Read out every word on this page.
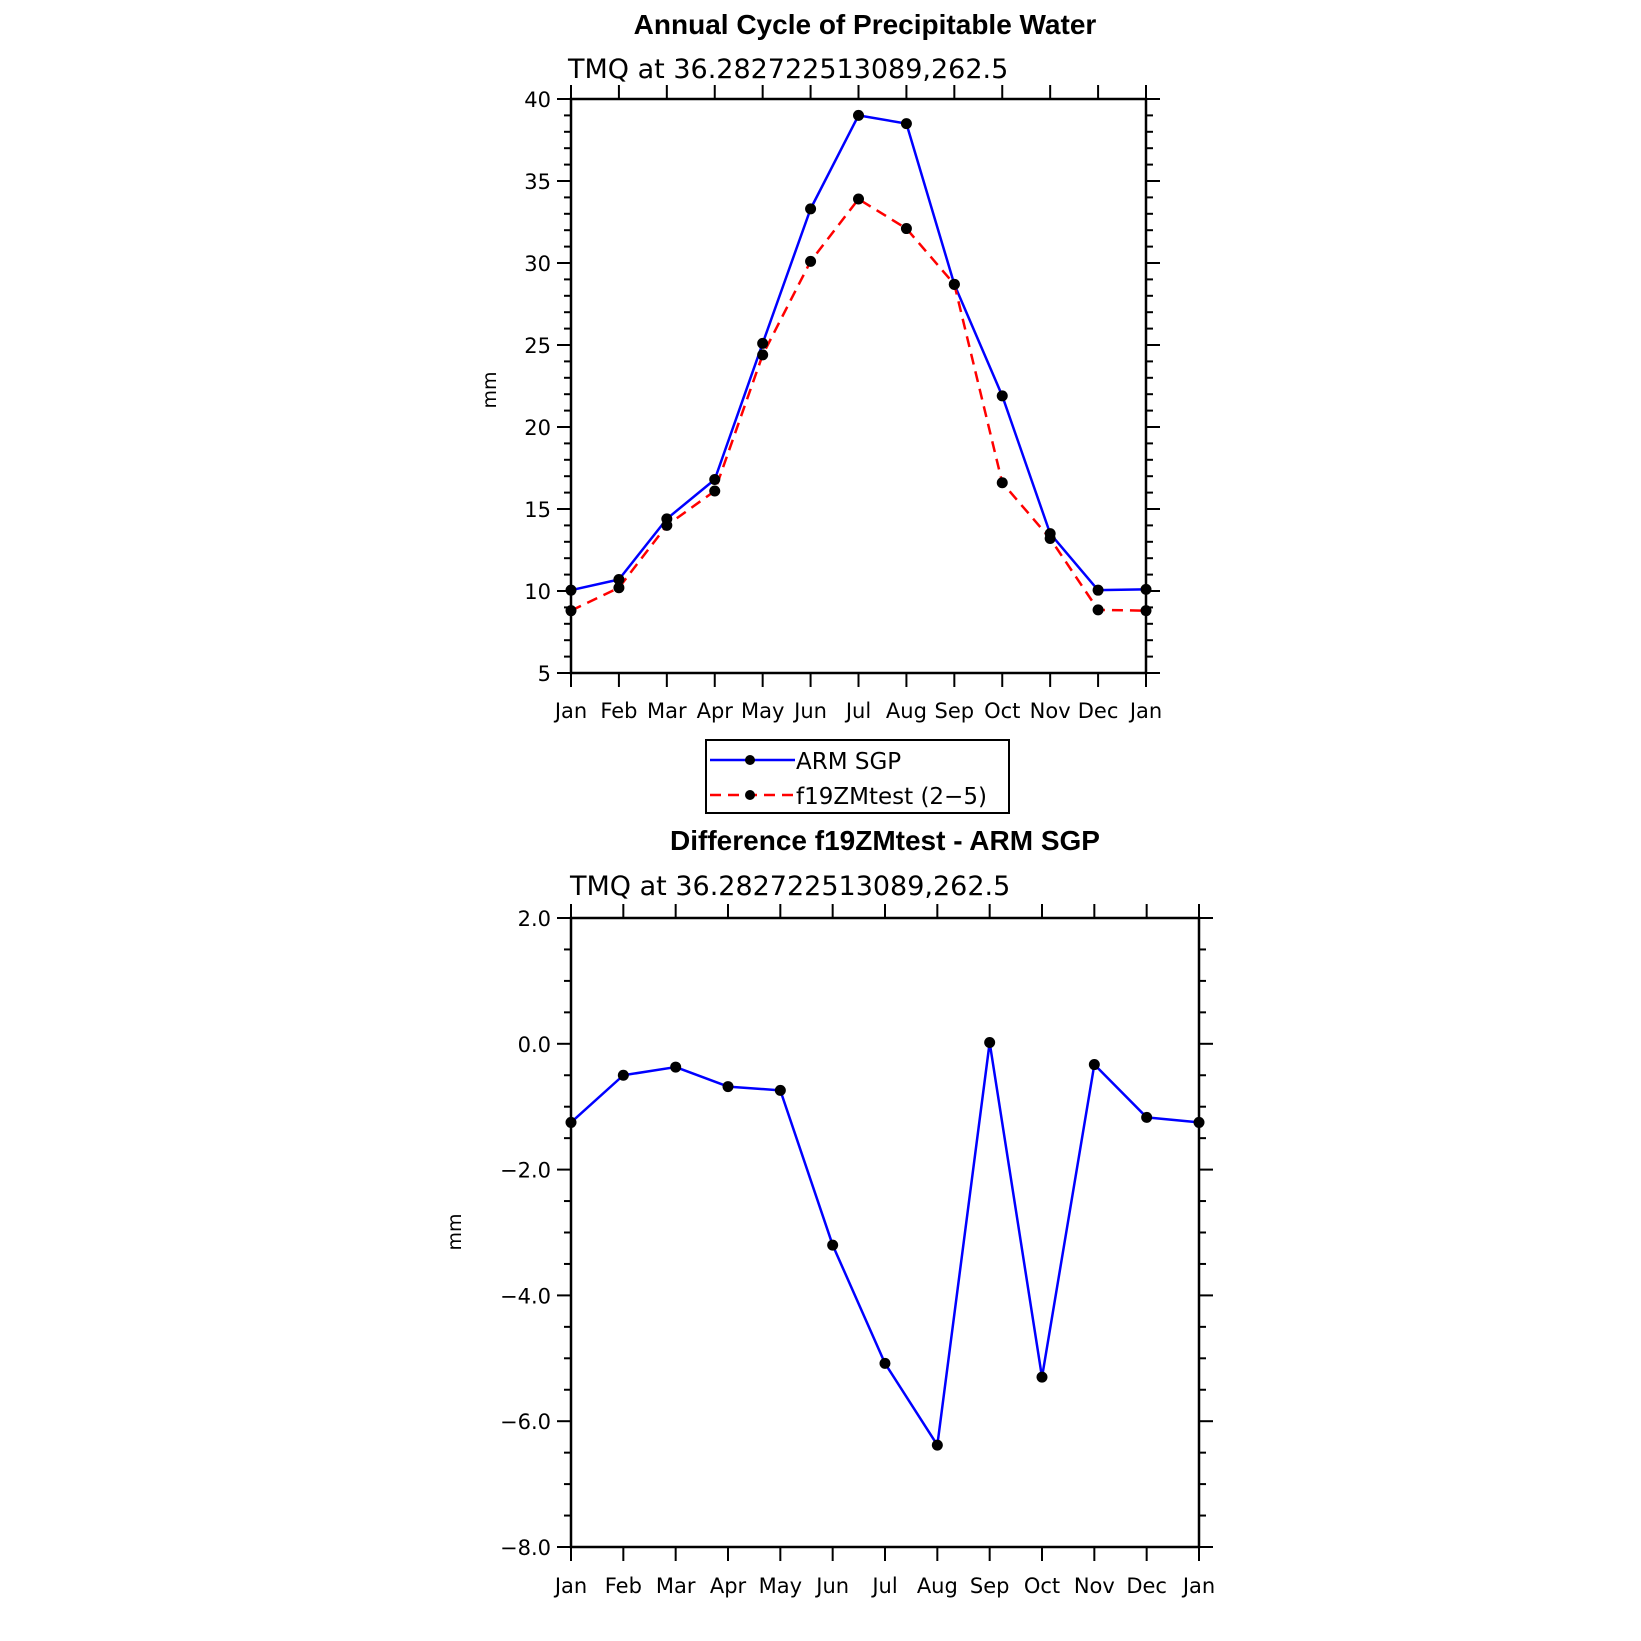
Annual Cycle of Precipitable Water
TMQ at 36.282722513089,262.5
mm
5
10
15
20
25
30
35
40
Jan Feb Mar Apr May Jun Jul Aug Sep Oct Nov Dec Jan
ARM SGP
f19ZMtest (2−5)
Difference f19ZMtest - ARM SGP
TMQ at 36.282722513089,262.5
mm
2.0
0.0
−2.0
−4.0
−6.0
−8.0
Jan Feb Mar Apr May Jun Jul Aug Sep Oct Nov Dec Jan
